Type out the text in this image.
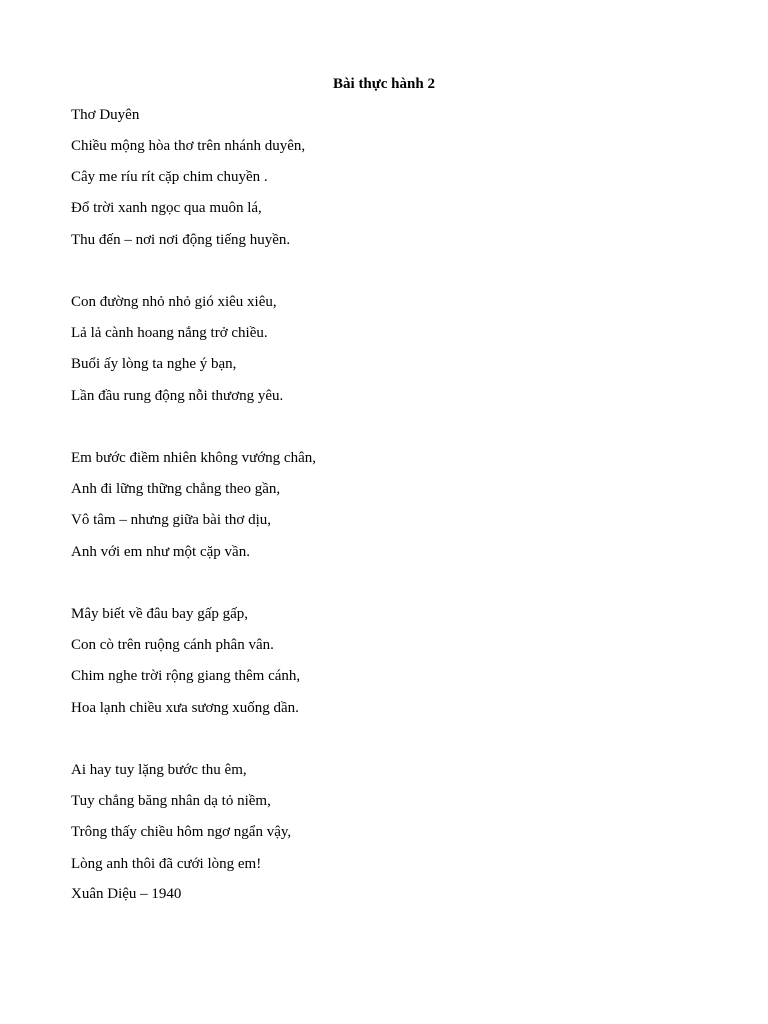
Bài thực hành 2
Thơ Duyên
Chiều mộng hòa thơ trên nhánh duyên,
Cây me ríu rít cặp chim chuyền .
Đổ trời xanh ngọc qua muôn lá,
Thu đến – nơi nơi động tiếng huyền.
Con đường nhỏ nhỏ gió xiêu xiêu,
Lả lả cành hoang nắng trở chiều.
Buổi ấy lòng ta nghe ý bạn,
Lần đầu rung động nỗi thương yêu.
Em bước điềm nhiên không vướng chân,
Anh đi lững thững chẳng theo gần,
Vô tâm – nhưng giữa bài thơ dịu,
Anh với em như một cặp vần.
Mây biết về đâu bay gấp gấp,
Con cò trên ruộng cánh phân vân.
Chim nghe trời rộng giang thêm cánh,
Hoa lạnh chiều xưa sương xuống dần.
Ai hay tuy lặng bước thu êm,
Tuy chẳng băng nhân dạ tỏ niềm,
Trông thấy chiều hôm ngơ ngẩn vậy,
Lòng anh thôi đã cưới lòng em!
Xuân Diệu – 1940
